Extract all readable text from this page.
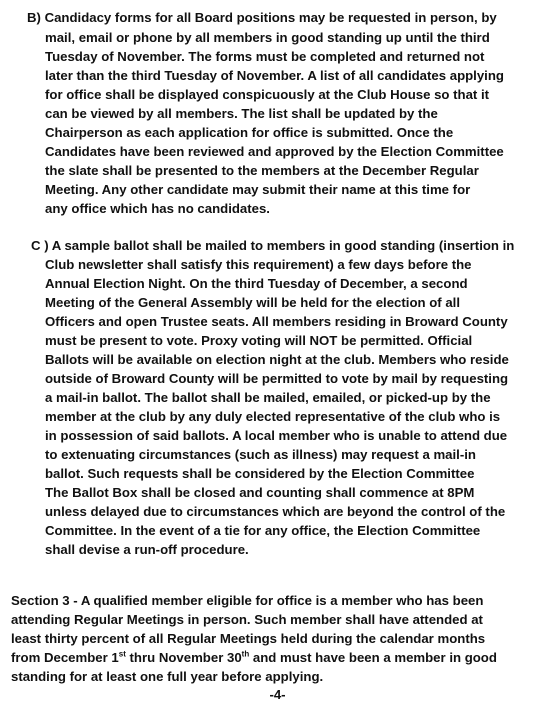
B) Candidacy forms for all Board positions may be requested in person, by
mail, email or phone by all members in good standing up until the third
Tuesday of November. The forms must be completed and returned not
later than the third Tuesday of November. A list of all candidates applying
for office shall be displayed conspicuously at the Club House so that it
can be viewed by all members. The list shall be updated by the
Chairperson as each application for office is submitted. Once the
Candidates have been reviewed and approved by the Election Committee
the slate shall be presented to the members at the December Regular
Meeting. Any other candidate may submit their name at this time for
any office which has no candidates.
C ) A sample ballot shall be mailed to members in good standing (insertion in
Club newsletter shall satisfy this requirement) a few days before the
Annual Election Night. On the third Tuesday of December, a second
Meeting of the General Assembly will be held for the election of all
Officers and open Trustee seats. All members residing in Broward County
must be present to vote. Proxy voting will NOT be permitted. Official
Ballots will be available on election night at the club. Members who reside
outside of Broward County will be permitted to vote by mail by requesting
a mail-in ballot. The ballot shall be mailed, emailed, or picked-up by the
member at the club by any duly elected representative of the club who is
in possession of said ballots. A local member who is unable to attend due
to extenuating circumstances (such as illness) may request a mail-in
ballot. Such requests shall be considered by the Election Committee
The Ballot Box shall be closed and counting shall commence at 8PM
unless delayed due to circumstances which are beyond the control of the
Committee. In the event of a tie for any office, the Election Committee
shall devise a run-off procedure.
Section 3 - A qualified member eligible for office is a member who has been
attending Regular Meetings in person. Such member shall have attended at
least thirty percent of all Regular Meetings held during the calendar months
from December 1st thru November 30th and must have been a member in good
standing for at least one full year before applying.
-4-
